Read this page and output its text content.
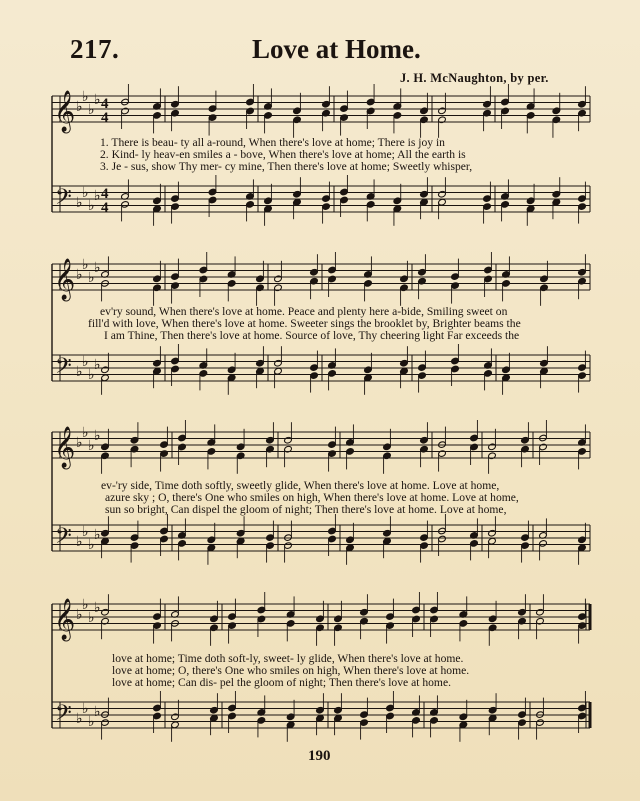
217.	Love at Home.
J. H. McNaughton, by per.
𝄞
𝄢
♭
♭
♭
♭
♭
♭
♭
♭
4
4
4
4
𝄞
𝄢
♭
♭
♭
♭
♭
♭
♭
♭
𝄞
𝄢
♭
♭
♭
♭
♭
♭
♭
♭
𝄞
𝄢
♭
♭
♭
♭
♭
♭
♭
♭
1. There is beau- ty all a-round, When there's love at home; There is joy in
2. Kind- ly heav-en smiles a - bove, When there's love at home; All the earth is
3. Je - sus, show Thy mer- cy mine, Then there's love at home; Sweetly whisper,
ev'ry sound, When there's love at home. Peace and plenty here a-bide, Smiling sweet on
fill'd with love, When there's love at home. Sweeter sings the brooklet by, Brighter beams the
I am Thine, Then there's love at home. Source of love, Thy cheering light Far exceeds the
ev-'ry side, Time doth softly, sweetly glide, When there's love at home. Love at home,
azure sky ; O, there's One who smiles on high, When there's love at home. Love at home,
sun so bright, Can dispel the gloom of night; Then there's love at home. Love at home,
love at home; Time doth soft-ly, sweet- ly glide, When there's love at home.
love at home; O, there's One who smiles on high, When there's love at home.
love at home; Can dis- pel the gloom of night; Then there's love at home.
190
